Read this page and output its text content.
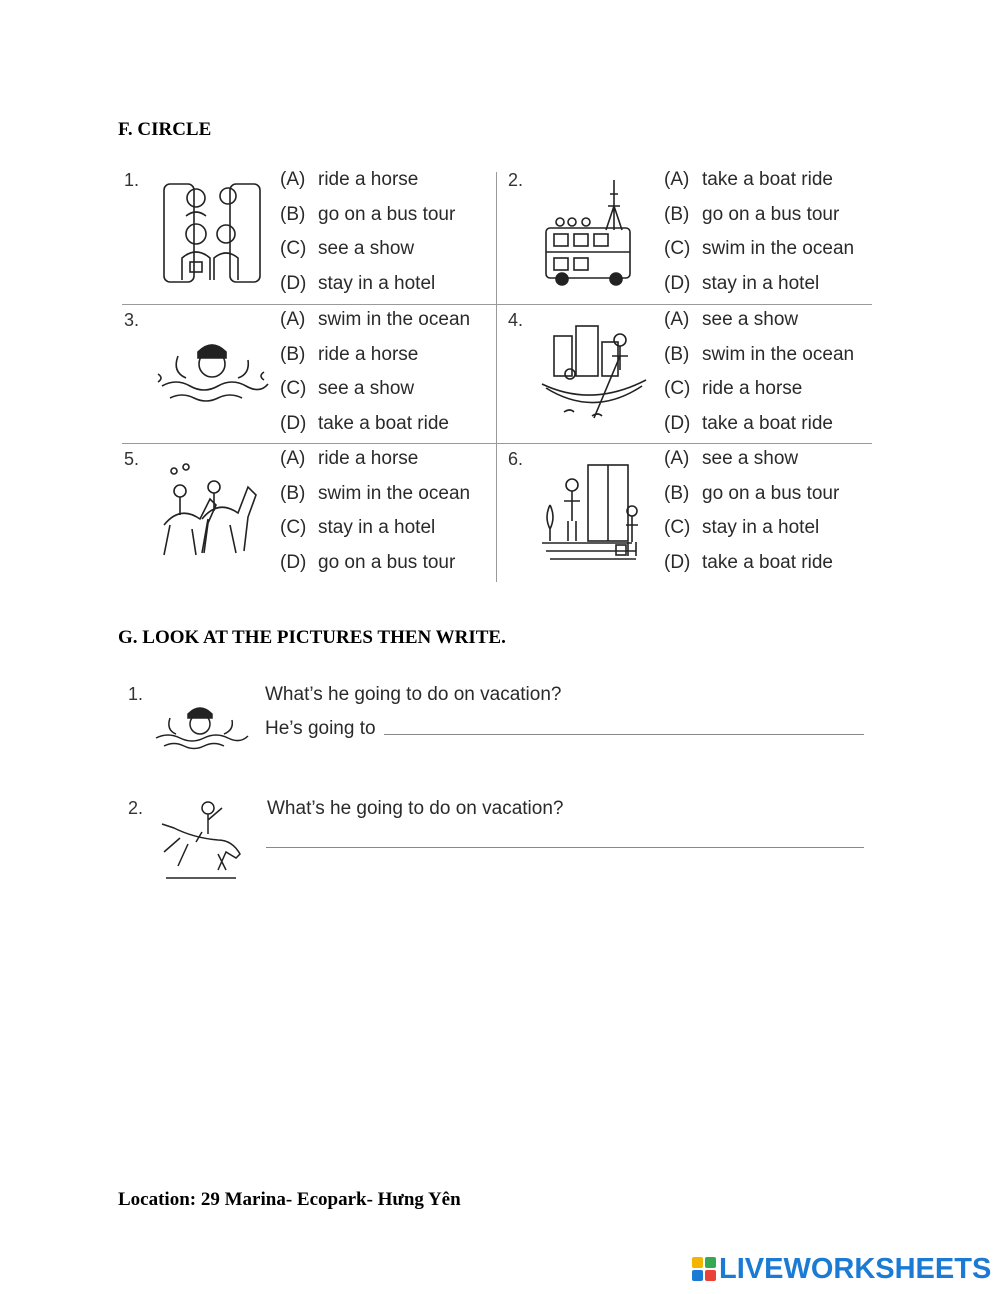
F. CIRCLE
1.	(A) ride a horse
(B) go on a bus tour
(C) see a show
(D) stay in a hotel
2.	(A) take a boat ride
(B) go on a bus tour
(C) swim in the ocean
(D) stay in a hotel
3.	(A) swim in the ocean
(B) ride a horse
(C) see a show
(D) take a boat ride
4.	(A) see a show
(B) swim in the ocean
(C) ride a horse
(D) take a boat ride
5.	(A) ride a horse
(B) swim in the ocean
(C) stay in a hotel
(D) go on a bus tour
6.	(A) see a show
(B) go on a bus tour
(C) stay in a hotel
(D) take a boat ride
G. LOOK AT THE PICTURES THEN WRITE.
1.	What’s he going to do on vacation?
He’s going to
2.	What’s he going to do on vacation?
Location: 29 Marina- Ecopark- Hưng Yên
LIVEWORKSHEETS
